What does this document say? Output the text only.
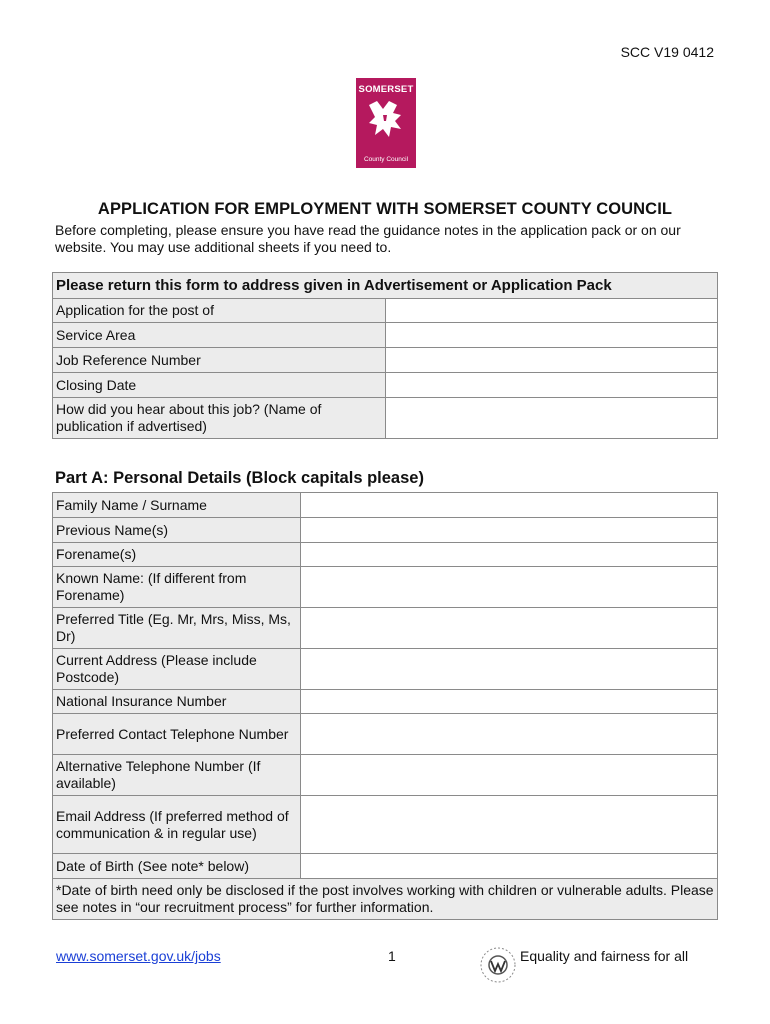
SCC V19 0412
SOMERSET
County Council
APPLICATION FOR EMPLOYMENT WITH SOMERSET COUNTY COUNCIL
Before completing, please ensure you have read the guidance notes in the application pack or on our website. You may use additional sheets if you need to.
Please return this form to address given in Advertisement or Application Pack	
Application for the post of	
Service Area	
Job Reference Number	
Closing Date	
How did you hear about this job? (Name of publication if advertised)	
Part A: Personal Details (Block capitals please)
Family Name / Surname	
Previous Name(s)	
Forename(s)	
Known Name: (If different from Forename)	
Preferred Title (Eg. Mr, Mrs, Miss, Ms, Dr)	
Current Address (Please include Postcode)	
National Insurance Number	
Preferred Contact Telephone Number	
Alternative Telephone Number (If available)	
Email Address (If preferred method of communication & in regular use)	
Date of Birth (See note* below)	
*Date of birth need only be disclosed if the post involves working with children or vulnerable adults. Please see notes in “our recruitment process” for further information.	
www.somerset.gov.uk/jobs	1	Equality and fairness for all
